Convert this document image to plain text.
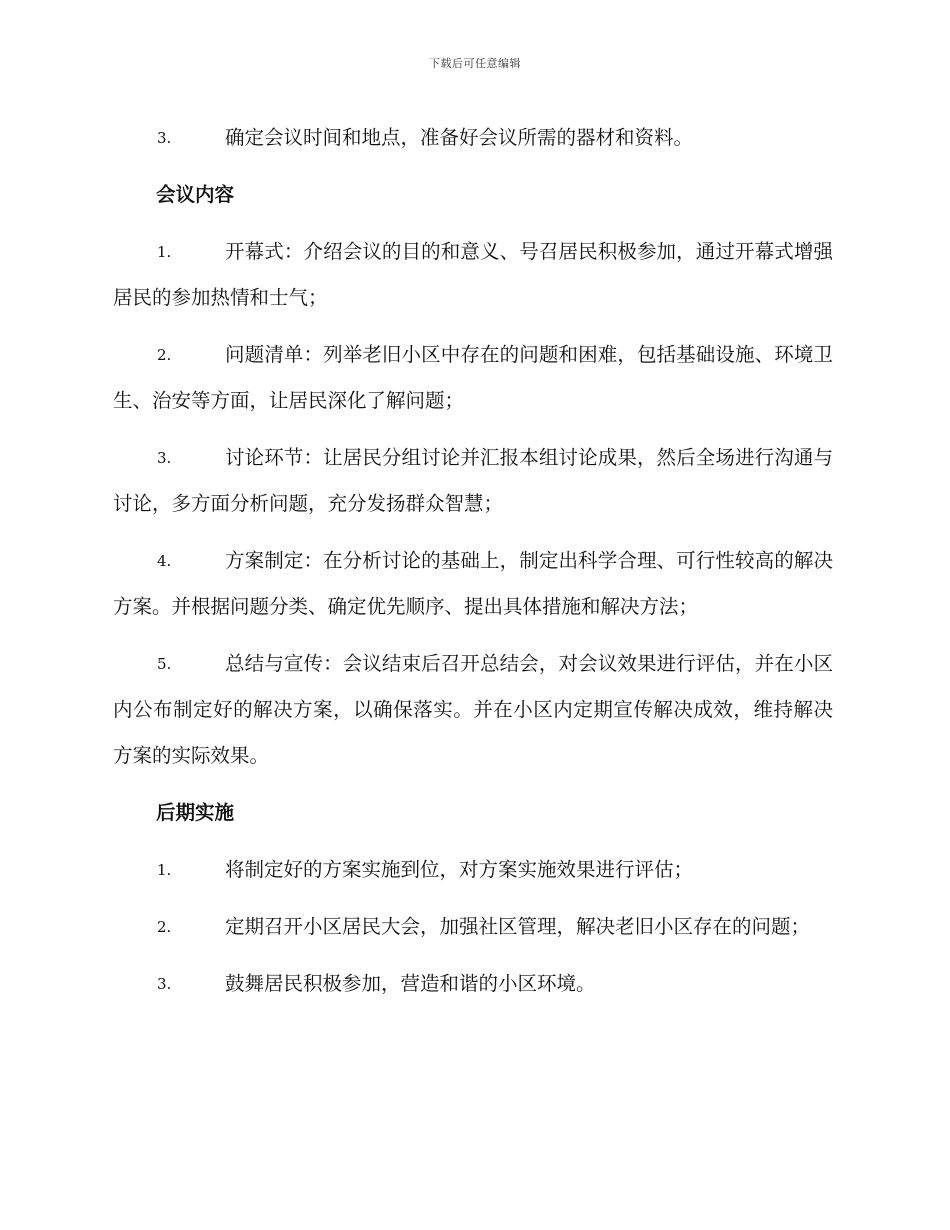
下载后可任意编辑

3.	确定会议时间和地点，准备好会议所需的器材和资料。

会议内容

1.	开幕式：介绍会议的目的和意义、号召居民积极参加，通过开幕式增强居民的参加热情和士气；

2.	问题清单：列举老旧小区中存在的问题和困难，包括基础设施、环境卫生、治安等方面，让居民深化了解问题；

3.	讨论环节：让居民分组讨论并汇报本组讨论成果，然后全场进行沟通与讨论，多方面分析问题，充分发扬群众智慧；

4.	方案制定：在分析讨论的基础上，制定出科学合理、可行性较高的解决方案。并根据问题分类、确定优先顺序、提出具体措施和解决方法；

5.	总结与宣传：会议结束后召开总结会，对会议效果进行评估，并在小区内公布制定好的解决方案，以确保落实。并在小区内定期宣传解决成效，维持解决方案的实际效果。

后期实施

1.	将制定好的方案实施到位，对方案实施效果进行评估；

2.	定期召开小区居民大会，加强社区管理，解决老旧小区存在的问题；

3.	鼓舞居民积极参加，营造和谐的小区环境。
